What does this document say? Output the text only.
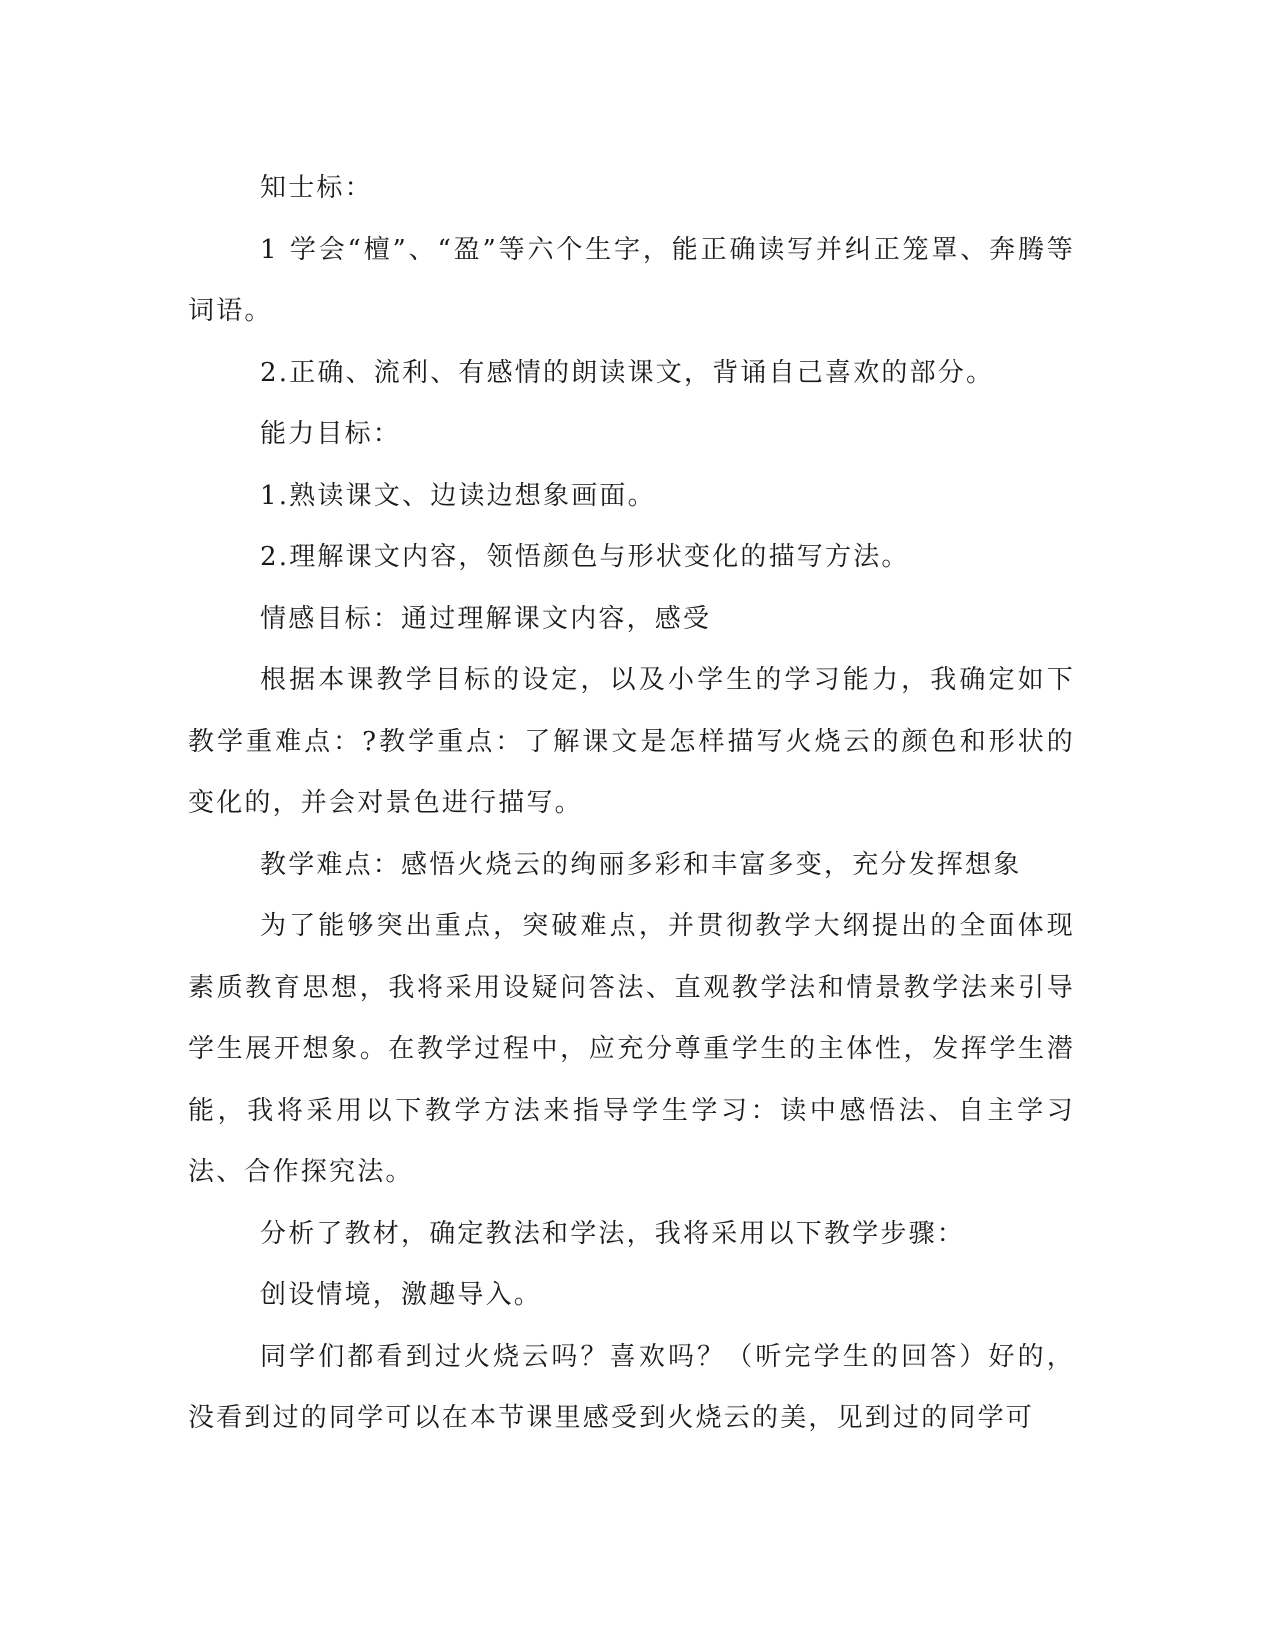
知士标：

1 学会“檀”、“盈”等六个生字，能正确读写并纠正笼罩、奔腾等词语。

2.正确、流利、有感情的朗读课文，背诵自己喜欢的部分。

能力目标：

1.熟读课文、边读边想象画面。

2.理解课文内容，领悟颜色与形状变化的描写方法。

情感目标：通过理解课文内容，感受

根据本课教学目标的设定，以及小学生的学习能力，我确定如下教学重难点：?教学重点：了解课文是怎样描写火烧云的颜色和形状的变化的，并会对景色进行描写。

教学难点：感悟火烧云的绚丽多彩和丰富多变，充分发挥想象

为了能够突出重点，突破难点，并贯彻教学大纲提出的全面体现素质教育思想，我将采用设疑问答法、直观教学法和情景教学法来引导学生展开想象。在教学过程中，应充分尊重学生的主体性，发挥学生潜能，我将采用以下教学方法来指导学生学习：读中感悟法、自主学习法、合作探究法。

分析了教材，确定教法和学法，我将采用以下教学步骤：

创设情境，激趣导入。

同学们都看到过火烧云吗？喜欢吗？（听完学生的回答）好的，没看到过的同学可以在本节课里感受到火烧云的美，见到过的同学可
